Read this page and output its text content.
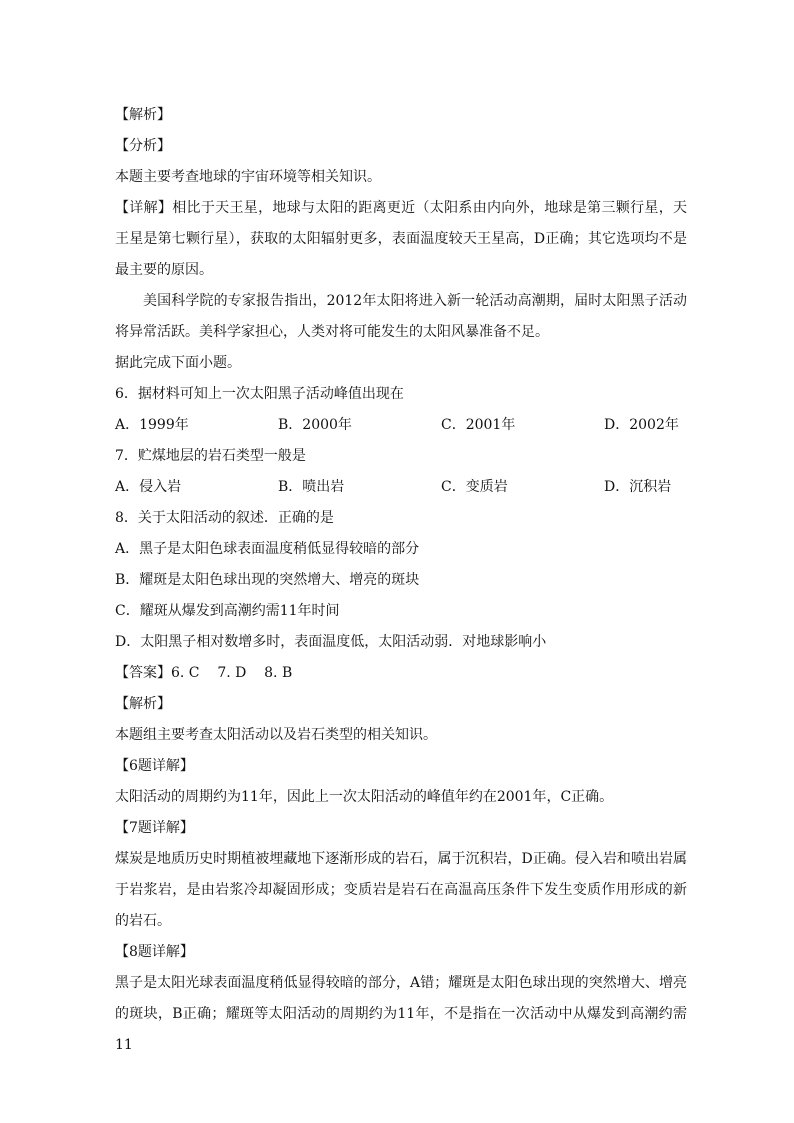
【解析】
【分析】
本题主要考查地球的宇宙环境等相关知识。
【详解】相比于天王星，地球与太阳的距离更近（太阳系由内向外，地球是第三颗行星，天王星是第七颗行星），获取的太阳辐射更多，表面温度较天王星高，D正确；其它选项均不是最主要的原因。
美国科学院的专家报告指出，2012年太阳将进入新一轮活动高潮期，届时太阳黑子活动将异常活跃。美科学家担心，人类对将可能发生的太阳风暴准备不足。
据此完成下面小题。
6．据材料可知上一次太阳黑子活动峰值出现在
A．1999年	B．2000年	C．2001年	D．2002年
7．贮煤地层的岩石类型一般是
A．侵入岩	B．喷出岩	C．变质岩	D．沉积岩
8．关于太阳活动的叙述．正确的是
A．黑子是太阳色球表面温度稍低显得较暗的部分
B．耀斑是太阳色球出现的突然增大、增亮的斑块
C．耀斑从爆发到高潮约需11年时间
D．太阳黑子相对数增多时，表面温度低，太阳活动弱．对地球影响小
【答案】6. C    7. D    8. B
【解析】
本题组主要考查太阳活动以及岩石类型的相关知识。
【6题详解】
太阳活动的周期约为11年，因此上一次太阳活动的峰值年约在2001年，C正确。
【7题详解】
煤炭是地质历史时期植被埋藏地下逐渐形成的岩石，属于沉积岩，D正确。侵入岩和喷出岩属于岩浆岩，是由岩浆冷却凝固形成；变质岩是岩石在高温高压条件下发生变质作用形成的新的岩石。
【8题详解】
黑子是太阳光球表面温度稍低显得较暗的部分，A错；耀斑是太阳色球出现的突然增大、增亮的斑块，B正确；耀斑等太阳活动的周期约为11年，不是指在一次活动中从爆发到高潮约需11
